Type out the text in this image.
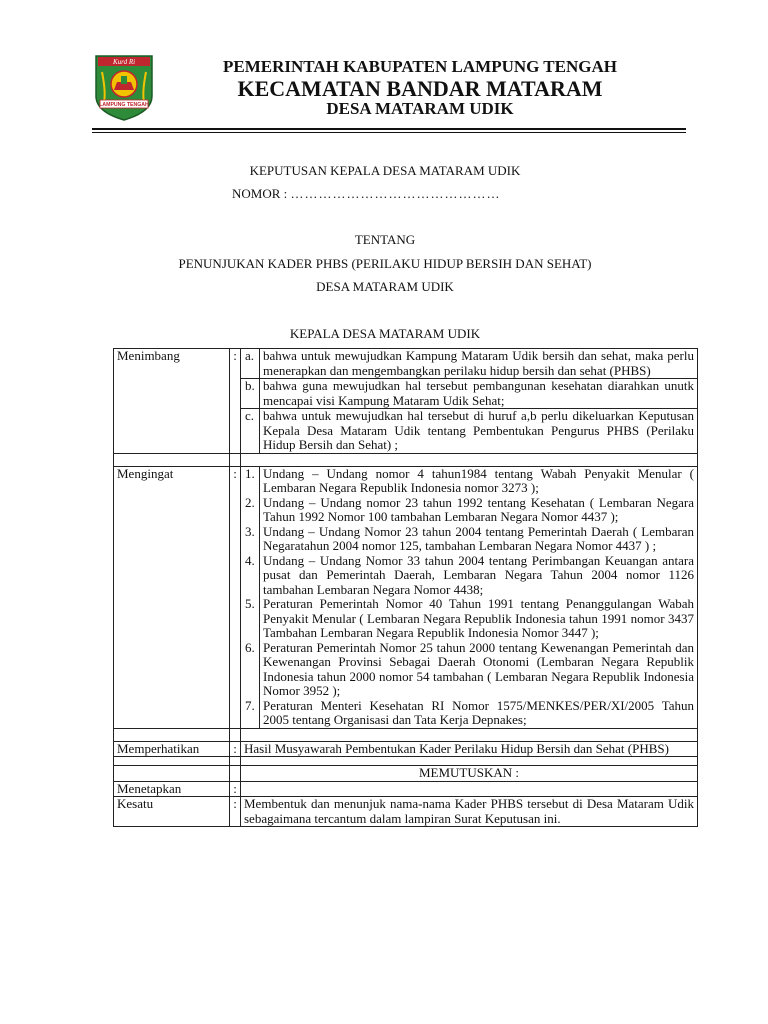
Kurd Ri
LAMPUNG TENGAH
PEMERINTAH KABUPATEN LAMPUNG TENGAH
KECAMATAN BANDAR MATARAM
DESA MATARAM UDIK
KEPUTUSAN KEPALA DESA MATARAM UDIK
NOMOR : ………………………………………
TENTANG
PENUNJUKAN KADER PHBS (PERILAKU HIDUP BERSIH DAN SEHAT)
DESA MATARAM UDIK
KEPALA DESA MATARAM UDIK
Menimbang	:	a.	bahwa untuk mewujudkan Kampung Mataram Udik bersih dan sehat, maka perlu menerapkan dan mengembangkan perilaku hidup bersih dan sehat (PHBS)
		b.	bahwa guna mewujudkan hal tersebut pembangunan kesehatan diarahkan unutk mencapai visi Kampung Mataram Udik Sehat;
		c.	bahwa untuk mewujudkan hal tersebut di huruf a,b perlu dikeluarkan Keputusan Kepala Desa Mataram Udik tentang Pembentukan Pengurus PHBS (Perilaku Hidup Bersih dan Sehat) ;

Mengingat	:	1.	Undang – Undang nomor 4 tahun1984 tentang Wabah Penyakit Menular ( Lembaran Negara Republik Indonesia nomor 3273 );
		2.	Undang – Undang nomor 23 tahun 1992 tentang Kesehatan ( Lembaran Negara Tahun 1992 Nomor 100 tambahan Lembaran Negara Nomor 4437 );
		3.	Undang – Undang Nomor 23 tahun 2004 tentang Pemerintah Daerah ( Lembaran Negaratahun 2004 nomor 125, tambahan Lembaran Negara Nomor 4437 ) ;
		4.	Undang – Undang Nomor 33 tahun 2004 tentang Perimbangan Keuangan antara pusat dan Pemerintah Daerah, Lembaran Negara Tahun 2004 nomor 1126 tambahan Lembaran Negara Nomor 4438;
		5.	Peraturan Pemerintah Nomor 40 Tahun 1991 tentang Penanggulangan Wabah Penyakit Menular ( Lembaran Negara Republik Indonesia tahun 1991 nomor 3437 Tambahan Lembaran Negara Republik Indonesia Nomor 3447 );
		6.	Peraturan Pemerintah Nomor 25 tahun 2000 tentang Kewenangan Pemerintah dan Kewenangan Provinsi Sebagai Daerah Otonomi (Lembaran Negara Republik Indonesia tahun 2000 nomor 54 tambahan ( Lembaran Negara Republik Indonesia Nomor 3952 );
		7.	Peraturan Menteri Kesehatan RI Nomor 1575/MENKES/PER/XI/2005 Tahun 2005 tentang Organisasi dan Tata Kerja Depnakes;

Memperhatikan	:	Hasil Musyawarah Pembentukan Kader Perilaku Hidup Bersih dan Sehat (PHBS)	

		MEMUTUSKAN :	
Menetapkan	:		
Kesatu	:	Membentuk dan menunjuk nama-nama Kader PHBS tersebut di Desa Mataram Udik sebagaimana tercantum dalam lampiran Surat Keputusan ini.	
